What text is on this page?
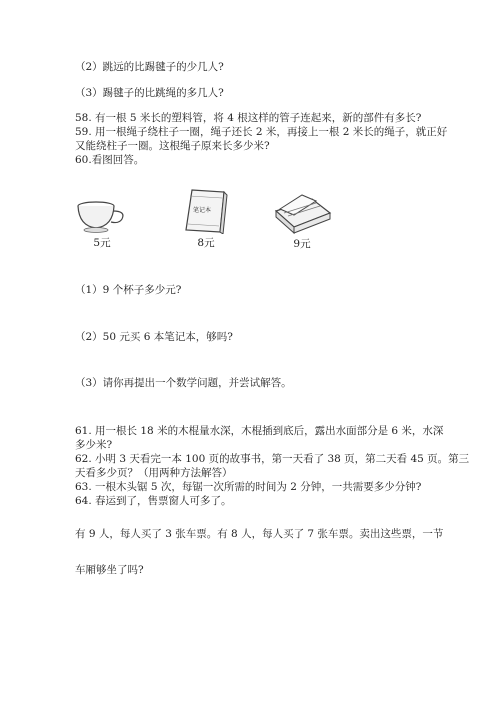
（2）跳远的比踢毽子的少几人?
（3）踢毽子的比跳绳的多几人?
58. 有一根 5 米长的塑料管，将 4 根这样的管子连起来，新的部件有多长?
59. 用一根绳子绕柱子一圈，绳子还长 2 米，再接上一根 2 米长的绳子，就正好
又能绕柱子一圈。这根绳子原来长多少米?
60.看图回答。
5元
笔记本
8元	9元
（1）9 个杯子多少元?
（2）50 元买 6 本笔记本，够吗?
（3）请你再提出一个数学问题，并尝试解答。
61. 用一根长 18 米的木棍量水深，木棍插到底后，露出水面部分是 6 米，水深
多少米?
62. 小明 3 天看完一本 100 页的故事书，第一天看了 38 页，第二天看 45 页。第三
天看多少页？（用两种方法解答）
63. 一根木头锯 5 次，每锯一次所需的时间为 2 分钟，一共需要多少分钟?
64. 春运到了，售票窗人可多了。
有 9 人，每人买了 3 张车票。有 8 人，每人买了 7 张车票。卖出这些票，一节
车厢够坐了吗?
